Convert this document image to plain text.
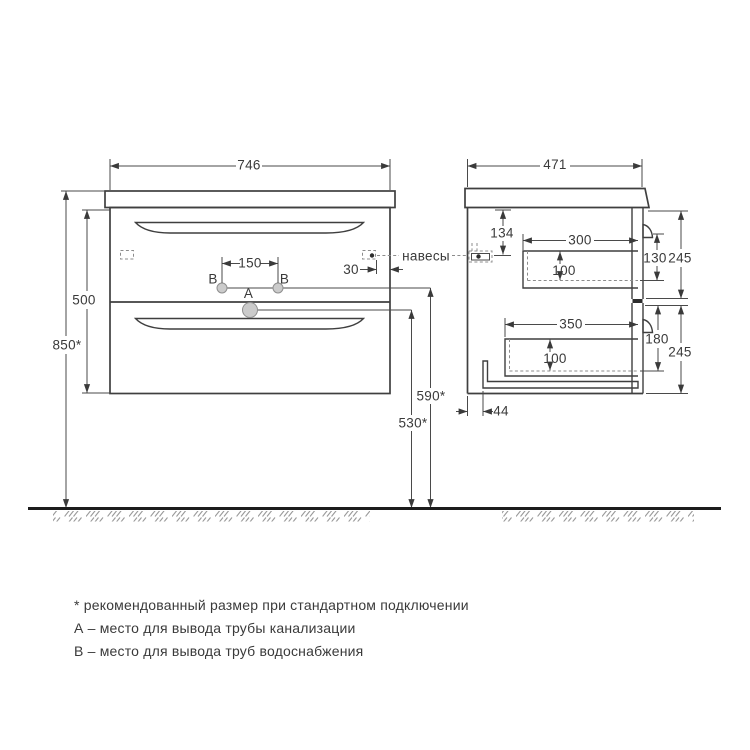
В	В
А
746
500
850*
150	30
навесы
590*
530*
471
134	300
100
130 245
350
100
180
245
44
* рекомендованный размер при стандартном подключении
А – место для вывода трубы канализации
В – место для вывода труб водоснабжения
